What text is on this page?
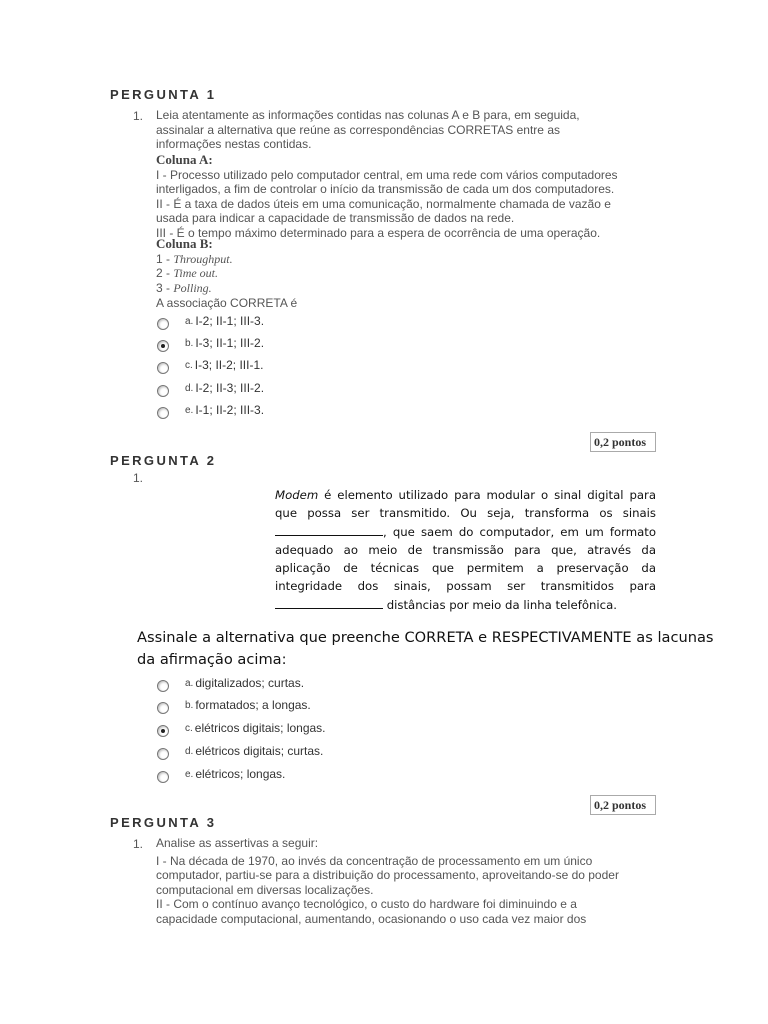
PERGUNTA 1
1. Leia atentamente as informações contidas nas colunas A e B para, em seguida,
assinalar a alternativa que reúne as correspondências CORRETAS entre as
informações nestas contidas.
Coluna A:
I - Processo utilizado pelo computador central, em uma rede com vários computadores
interligados, a fim de controlar o início da transmissão de cada um dos computadores.
II - É a taxa de dados úteis em uma comunicação, normalmente chamada de vazão e
usada para indicar a capacidade de transmissão de dados na rede.
III - É o tempo máximo determinado para a espera de ocorrência de uma operação.
Coluna B:
1 - Throughput.
2 - Time out.
3 - Polling.
A associação CORRETA é
a. I-2; II-1; III-3.
b. I-3; II-1; III-2.
c. I-3; II-2; III-1.
d. I-2; II-3; III-2.
e. I-1; II-2; III-3.
0,2 pontos
PERGUNTA 2
1.
Modem é elemento utilizado para modular o sinal digital para
que possa ser transmitido. Ou seja, transforma os sinais
, que saem do computador, em um formato
adequado ao meio de transmissão para que, através da
aplicação de técnicas que permitem a preservação da
integridade dos sinais, possam ser transmitidos para
distâncias por meio da linha telefônica.
Assinale a alternativa que preenche CORRETA e RESPECTIVAMENTE as lacunas
da afirmação acima:
a. digitalizados; curtas.
b. formatados; a longas.
c. elétricos digitais; longas.
d. elétricos digitais; curtas.
e. elétricos; longas.
0,2 pontos
PERGUNTA 3
1. Analise as assertivas a seguir:
I - Na década de 1970, ao invés da concentração de processamento em um único
computador, partiu-se para a distribuição do processamento, aproveitando-se do poder
computacional em diversas localizações.
II - Com o contínuo avanço tecnológico, o custo do hardware foi diminuindo e a
capacidade computacional, aumentando, ocasionando o uso cada vez maior dos
